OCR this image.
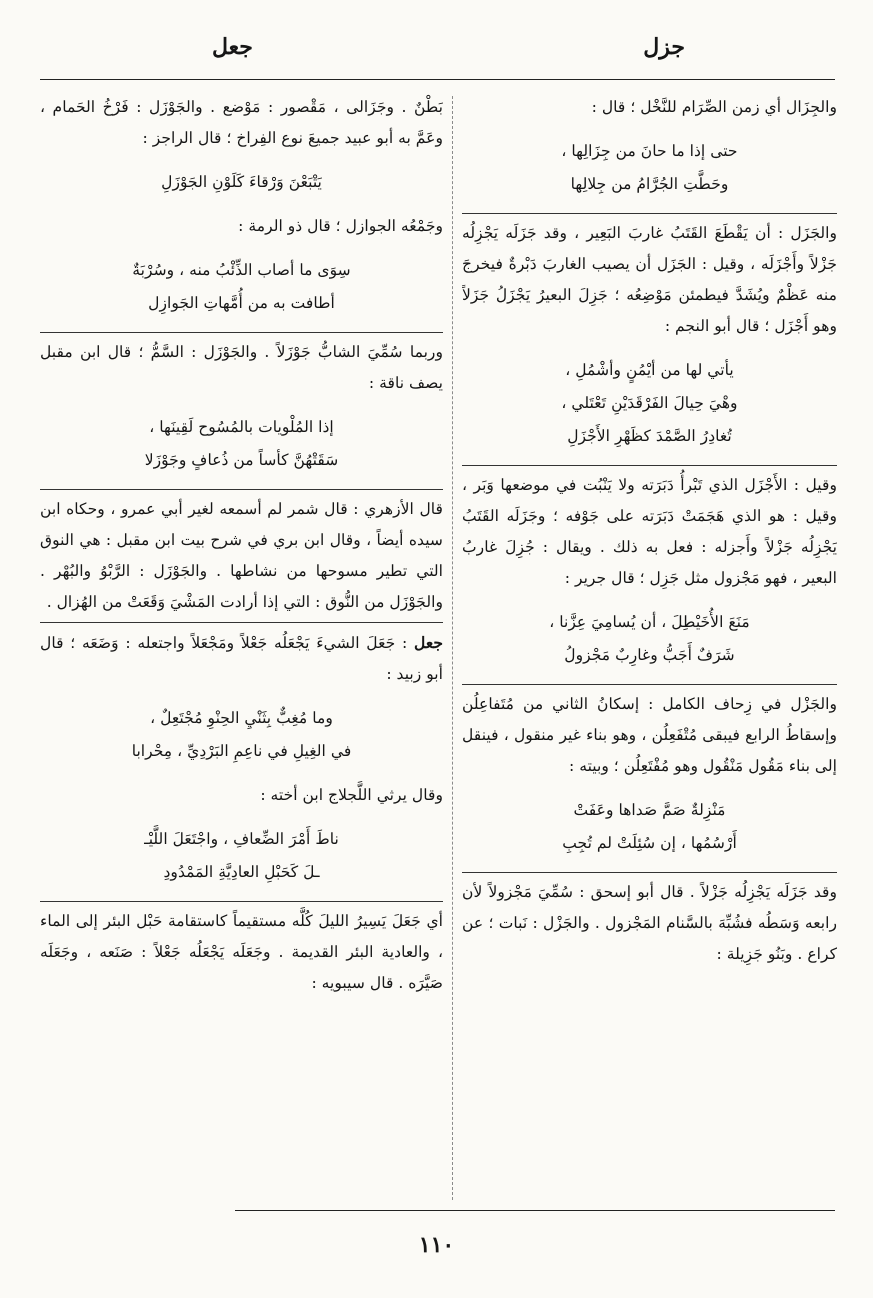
جزل
جعل

والجِزَال أي زمن الصِّرَام للنَّخْل ؛ قال :

حتى إذا ما حانَ من جِزَالِها ،
وحَطَّتِ الجُرَّامُ من جِلالِها

والجَزَل : أن يَقْطَعَ القَتَبُ غاربَ البَعِير ، وقد جَزَلَه يَجْزِلُه جَزْلاً وأَجْزَلَه ، وقيل : الجَزَل أن يصيب الغاربَ دَبْرةٌ فيخرجَ منه عَظْمٌ ويُشَدَّ فيطمئن مَوْضِعُه ؛ جَزِلَ البعيرُ يَجْزَلُ جَزَلاً وهو أَجْزَل ؛ قال أبو النجم :

يأتي لها من أيْمُنٍ وأشْمُلِ ،
وهْيَ حِيالَ الفَرْقَدَيْنِ تَعْتَلي ،
تُغادِرُ الصَّمْدَ كظَهْرِ الأَجْزَلِ

وقيل : الأَجْزَل الذي تَبْرأُ دَبَرَته ولا يَنْبُت في موضعها وَبَر ، وقيل : هو الذي هَجَمَتْ دَبَرَته على جَوْفه ؛ وجَزَلَه القَتَبُ يَجْزِلُه جَزْلاً وأَجزله : فعل به ذلك . ويقال : جُزِلَ غاربُ البعير ، فهو مَجْزول مثل جَزِل ؛ قال جرير :

مَنَعَ الأُخَيْطِلَ ، أن يُسامِيَ عِزَّنا ،
شَرَفٌ أَجَبُّ وغارِبٌ مَجْزولُ

والجَزْل في زِحاف الكامل : إسكانُ الثاني من مُتَفاعِلُن وإسقاطُ الرابع فيبقى مُتْفَعِلُن ، وهو بناء غير منقول ، فينقل إلى بناء مَقُول مَنْقُول وهو مُفْتَعِلُن ؛ وبيته :

مَنْزِلةٌ صَمَّ صَداها وعَفَتْ
أَرْسُمُها ، إن سُئِلَتْ لم تُجِبِ

وقد جَزَلَه يَجْزِلُه جَزْلاً . قال أبو إسحق : سُمِّيَ مَجْزولاً لأن رابعه وَسَطُه فشُبِّهَ بالسَّنام المَجْزول . والجَزْل : نَبات ؛ عن كراع . وبَنُو جَزِيلة :

بَطْنٌ . وجَزَالى ، مَقْصور : مَوْضع . والجَوْزَل : فَرْخُ الحَمام ، وعَمَّ به أبو عبيد جميعَ نوع الفِراخ ؛ قال الراجز :

يَتْبَعْنَ وَرْقاءَ كَلَوْنِ الجَوْزَلِ

وجَمْعُه الجوازل ؛ قال ذو الرمة :

سِوَى ما أصاب الذِّئْبُ منه ، وسُرْبَةٌ
أطافت به من أُمَّهاتِ الجَوازِل

وربما سُمِّيَ الشابُّ جَوْزَلاً . والجَوْزَل : السَّمُّ ؛ قال ابن مقبل يصف ناقة :

إذا المُلْويات بالمُسُوح لَقِينَها ،
سَقَتْهُنَّ كأساً من ذُعافٍ وجَوْزَلا

قال الأزهري : قال شمر لم أسمعه لغير أبي عمرو ، وحكاه ابن سيده أيضاً ، وقال ابن بري في شرح بيت ابن مقبل : هي النوق التي تطير مسوحها من نشاطها . والجَوْزَل : الرَّبْوُ والبُهْر . والجَوْزَل من النُّوق : التي إذا أرادت المَشْيَ وَقَعَتْ من الهُزال .

جعل : جَعَلَ الشيءَ يَجْعَلُه جَعْلاً ومَجْعَلاً واجتعله : وَضَعَه ؛ قال أبو زبيد :

وما مُغِبٌّ بِثَنْيِ الحِنْوِ مُجْتَعِلٌ ،
في الغِيلِ في ناعِمِ البَرْدِيِّ ، مِحْرابا

وقال يرثي اللَّجلاج ابن أخته :

ناطَ أَمْرَ الضِّعافِ ، واجْتَعَلَ اللَّيْـ
ـلَ كَحَبْلِ العادِيَّةِ المَمْدُودِ

أي جَعَلَ يَسِيرُ الليلَ كُلَّه مستقيماً كاستقامة حَبْل البئر إلى الماء ، والعادية البئر القديمة . وجَعَلَه يَجْعَلُه جَعْلاً : صَنَعه ، وجَعَلَه صَيَّرَه . قال سيبويه :

١١٠
